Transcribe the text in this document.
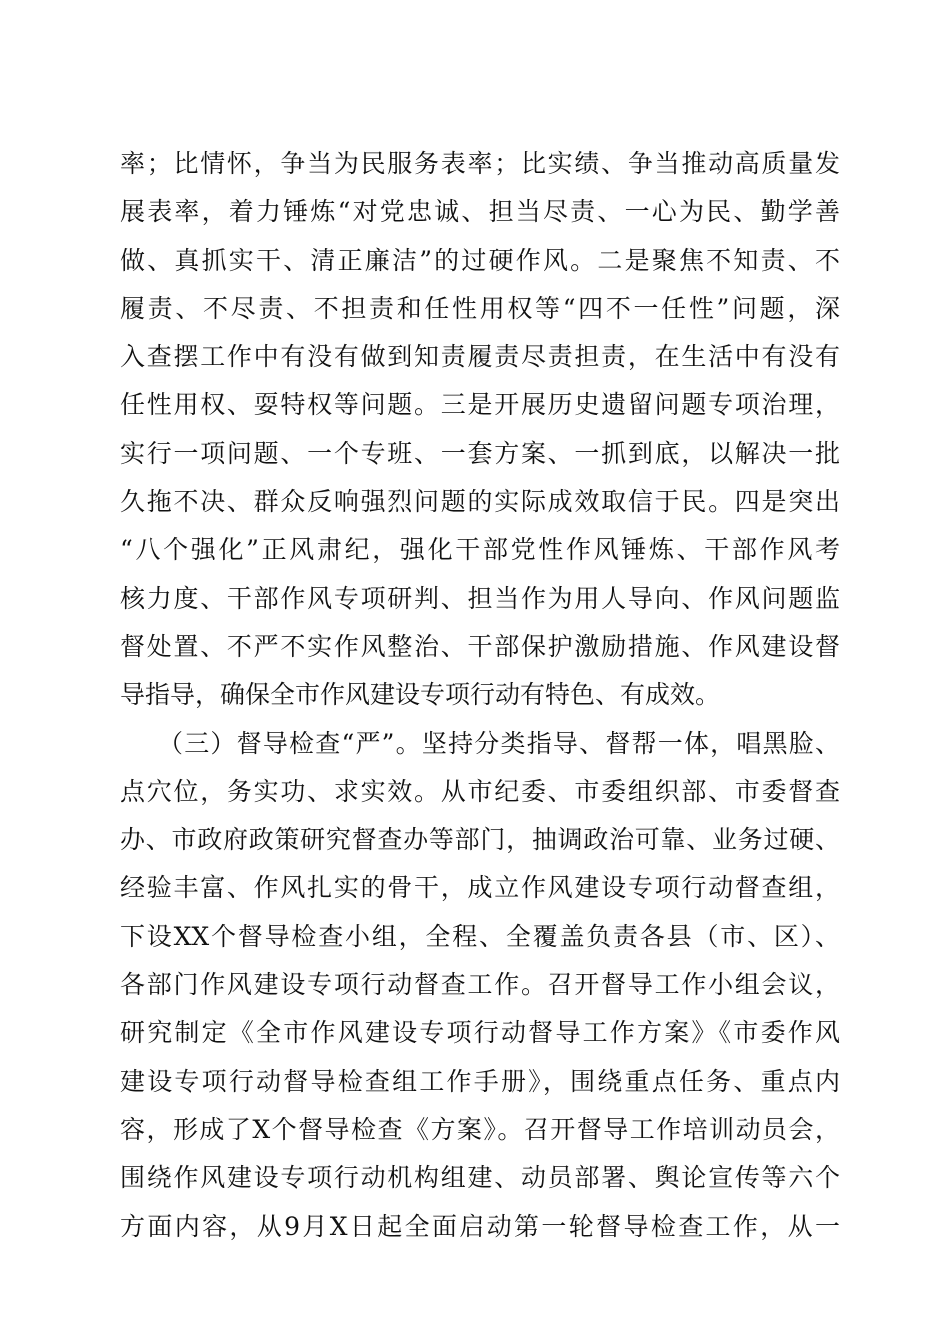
率；比情怀，争当为民服务表率；比实绩、争当推动高质量发
展表率，着力锤炼“对党忠诚、担当尽责、一心为民、勤学善
做、真抓实干、清正廉洁”的过硬作风。二是聚焦不知责、不
履责、不尽责、不担责和任性用权等“四不一任性”问题，深
入查摆工作中有没有做到知责履责尽责担责，在生活中有没有
任性用权、耍特权等问题。三是开展历史遗留问题专项治理，
实行一项问题、一个专班、一套方案、一抓到底，以解决一批
久拖不决、群众反响强烈问题的实际成效取信于民。四是突出
“八个强化”正风肃纪，强化干部党性作风锤炼、干部作风考
核力度、干部作风专项研判、担当作为用人导向、作风问题监
督处置、不严不实作风整治、干部保护激励措施、作风建设督
导指导，确保全市作风建设专项行动有特色、有成效。
（三）督导检查“严”。坚持分类指导、督帮一体，唱黑脸、
点穴位，务实功、求实效。从市纪委、市委组织部、市委督查
办、市政府政策研究督查办等部门，抽调政治可靠、业务过硬、
经验丰富、作风扎实的骨干，成立作风建设专项行动督查组，
下设XX个督导检查小组，全程、全覆盖负责各县（市、区）、
各部门作风建设专项行动督查工作。召开督导工作小组会议，
研究制定《全市作风建设专项行动督导工作方案》《市委作风
建设专项行动督导检查组工作手册》，围绕重点任务、重点内
容，形成了X个督导检查《方案》。召开督导工作培训动员会，
围绕作风建设专项行动机构组建、动员部署、舆论宣传等六个
方面内容，从9月X日起全面启动第一轮督导检查工作，从一
